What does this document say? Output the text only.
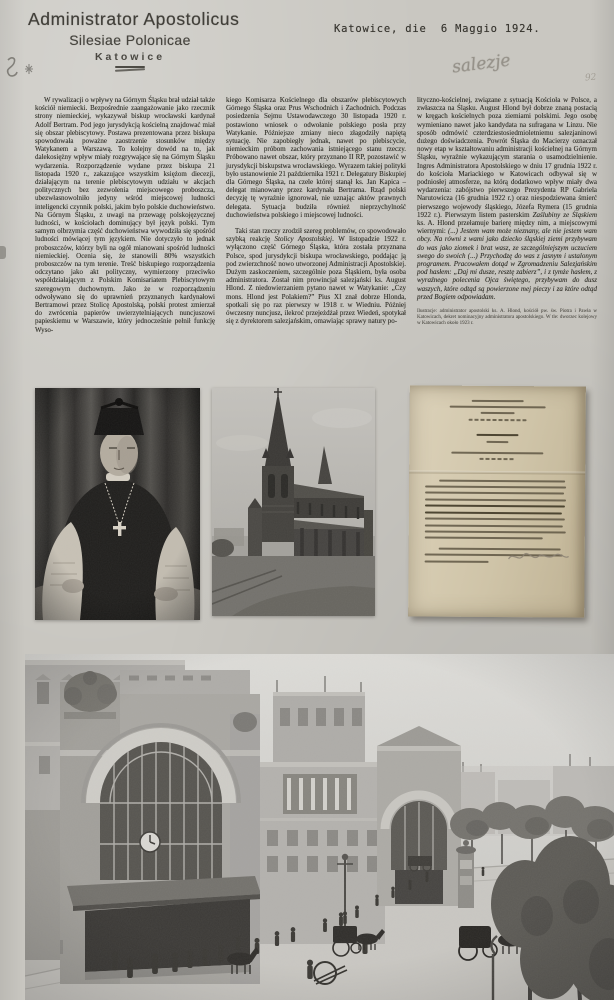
Administrator Apostolicus
Silesiae Polonicae
Katowice
Katowice, die  6 Maggio 1924.
salezje
92

W rywalizacji o wpływy na Górnym Śląsku brał udział także kościół niemiecki. Bezpośrednie zaangażowanie jako rzecznik strony niemieckiej, wykazywał biskup wrocławski kardynał Adolf Bertram. Pod jego jurysdykcją kościelną znajdować miał się obszar plebiscytowy. Postawa prezentowana przez biskupa spowodowała poważne zaostrzenie stosunków między Watykanem a Warszawą. To kolejny dowód na to, jak dalekosiężny wpływ miały rozgrywające się na Górnym Śląsku wydarzenia. Rozporządzenie wydane przez biskupa 21 listopada 1920 r., zakazujące wszystkim księżom diecezji, działającym na terenie plebiscytowym udziału w akcjach politycznych bez zezwolenia miejscowego proboszcza, ubezwłasnowolniło jedyny wśród miejscowej ludności inteligencki czynnik polski, jakim było polskie duchowieństwo. Na Górnym Śląsku, z uwagi na przewagę polskojęzycznej ludności, w kościołach dominujący był język polski. Tym samym olbrzymia część duchowieństwa wywodziła się spośród ludności mówiącej tym językiem. Nie dotyczyło to jednak proboszczów, którzy byli na ogół mianowani spośród ludności niemieckiej. Ocenia się, że stanowili 80% wszystkich proboszczów na tym terenie. Treść biskupiego rozporządzenia odczytano jako akt polityczny, wymierzony przeciwko współdziałającym z Polskim Komisariatem Plebiscytowym szeregowym duchownym. Jako że w rozporządzeniu odwoływano się do uprawnień przyznanych kardynałowi Bertramowi przez Stolicę Apostolską, polski protest zmierzał do zwrócenia papierów uwierzytelniających nuncjuszowi papieskiemu w Warszawie, który jednocześnie pełnił funkcję Wyso-

kiego Komisarza Kościelnego dla obszarów plebiscytowych Górnego Śląska oraz Prus Wschodnich i Zachodnich. Podczas posiedzenia Sejmu Ustawodawczego 30 listopada 1920 r. postawiono wniosek o odwołanie polskiego posła przy Watykanie. Późniejsze zmiany nieco złagodziły napiętą sytuację. Nie zapobiegły jednak, nawet po plebiscycie, niemieckim próbom zachowania istniejącego stanu rzeczy. Próbowano nawet obszar, który przyznano II RP, pozostawić w jurysdykcji biskupstwa wrocławskiego. Wyrazem takiej polityki było ustanowienie 21 października 1921 r. Delegatury Biskupiej dla Górnego Śląska, na czele której stanął ks. Jan Kapica – delegat mianowany przez kardynała Bertrama. Rząd polski decyzję tę wyraźnie ignorował, nie uznając aktów prawnych delegata. Sytuacja budziła również nieprzychylność duchowieństwa polskiego i miejscowej ludności.

Taki stan rzeczy zrodził szereg problemów, co spowodowało szybką reakcję Stolicy Apostolskiej. W listopadzie 1922 r. wyłączono część Górnego Śląska, która została przyznana Polsce, spod jurysdykcji biskupa wrocławskiego, poddając ją pod zwierzchność nowo utworzonej Administracji Apostolskiej. Dużym zaskoczeniem, szczególnie poza Śląskiem, była osoba administratora. Został nim prowincjał salezjański ks. August Hlond. Z niedowierzaniem pytano nawet w Watykanie: „Czy mons. Hlond jest Polakiem?” Pius XI znał dobrze Hlonda, spotkali się po raz pierwszy w 1918 r. w Wiedniu. Później ówczesny nuncjusz, ilekroć przejeżdżał przez Wiedeń, spotykał się z dyrektorem salezjańskim, omawiając sprawy natury po-

lityczno-kościelnej, związane z sytuacją Kościoła w Polsce, a zwłaszcza na Śląsku. August Hlond był dobrze znaną postacią w kręgach kościelnych poza ziemiami polskimi. Jego osobę wymieniano nawet jako kandydata na sufragana w Linzu. Nie sposób odmówić czterdziestosiedmioletniemu salezjaninowi dużego doświadczenia. Powrót Śląska do Macierzy oznaczał nowy etap w kształtowaniu administracji kościelnej na Górnym Śląsku, wyraźnie wykazującym starania o usamodzielnienie. Ingres Administratora Apostolskiego w dniu 17 grudnia 1922 r. do kościoła Mariackiego w Katowicach odbywał się w podniosłej atmosferze, na którą dodatkowo wpływ miały dwa wydarzenia: zabójstwo pierwszego Prezydenta RP Gabriela Narutowicza (16 grudnia 1922 r.) oraz niespodziewana śmierć pierwszego wojewody śląskiego, Józefa Rymera (15 grudnia 1922 r.). Pierwszym listem pasterskim Zaślubiny ze Śląskiem ks. A. Hlond przełamuje barierę między nim, a miejscowymi wiernymi: (...) Jestem wam może nieznany, ale nie jestem wam obcy. Na równi z wami jako dziecko śląskiej ziemi przybywam do was jako ziomek i brat wasz, ze szczególniejszym uczuciem swego do swoich (...) Przychodzę do was z jasnym i ustalonym programem. Pracowałem dotąd w Zgromadzeniu Salezjańskim pod hasłem: „Daj mi dusze, resztę zabierz”, i z tymże hasłem, z wyraźnego polecenia Ojca świętego, przybywam do dusz waszych, które odtąd są powierzone mej pieczy i za które odtąd przed Bogiem odpowiadam.

Ilustracje: administrator apostolski ks. A. Hlond, kościół pw. św. Piotra i Pawła w Katowicach, dekret nominacyjny administratora apostolskiego. W tle: dworzec kolejowy w Katowicach około 1923 r.
